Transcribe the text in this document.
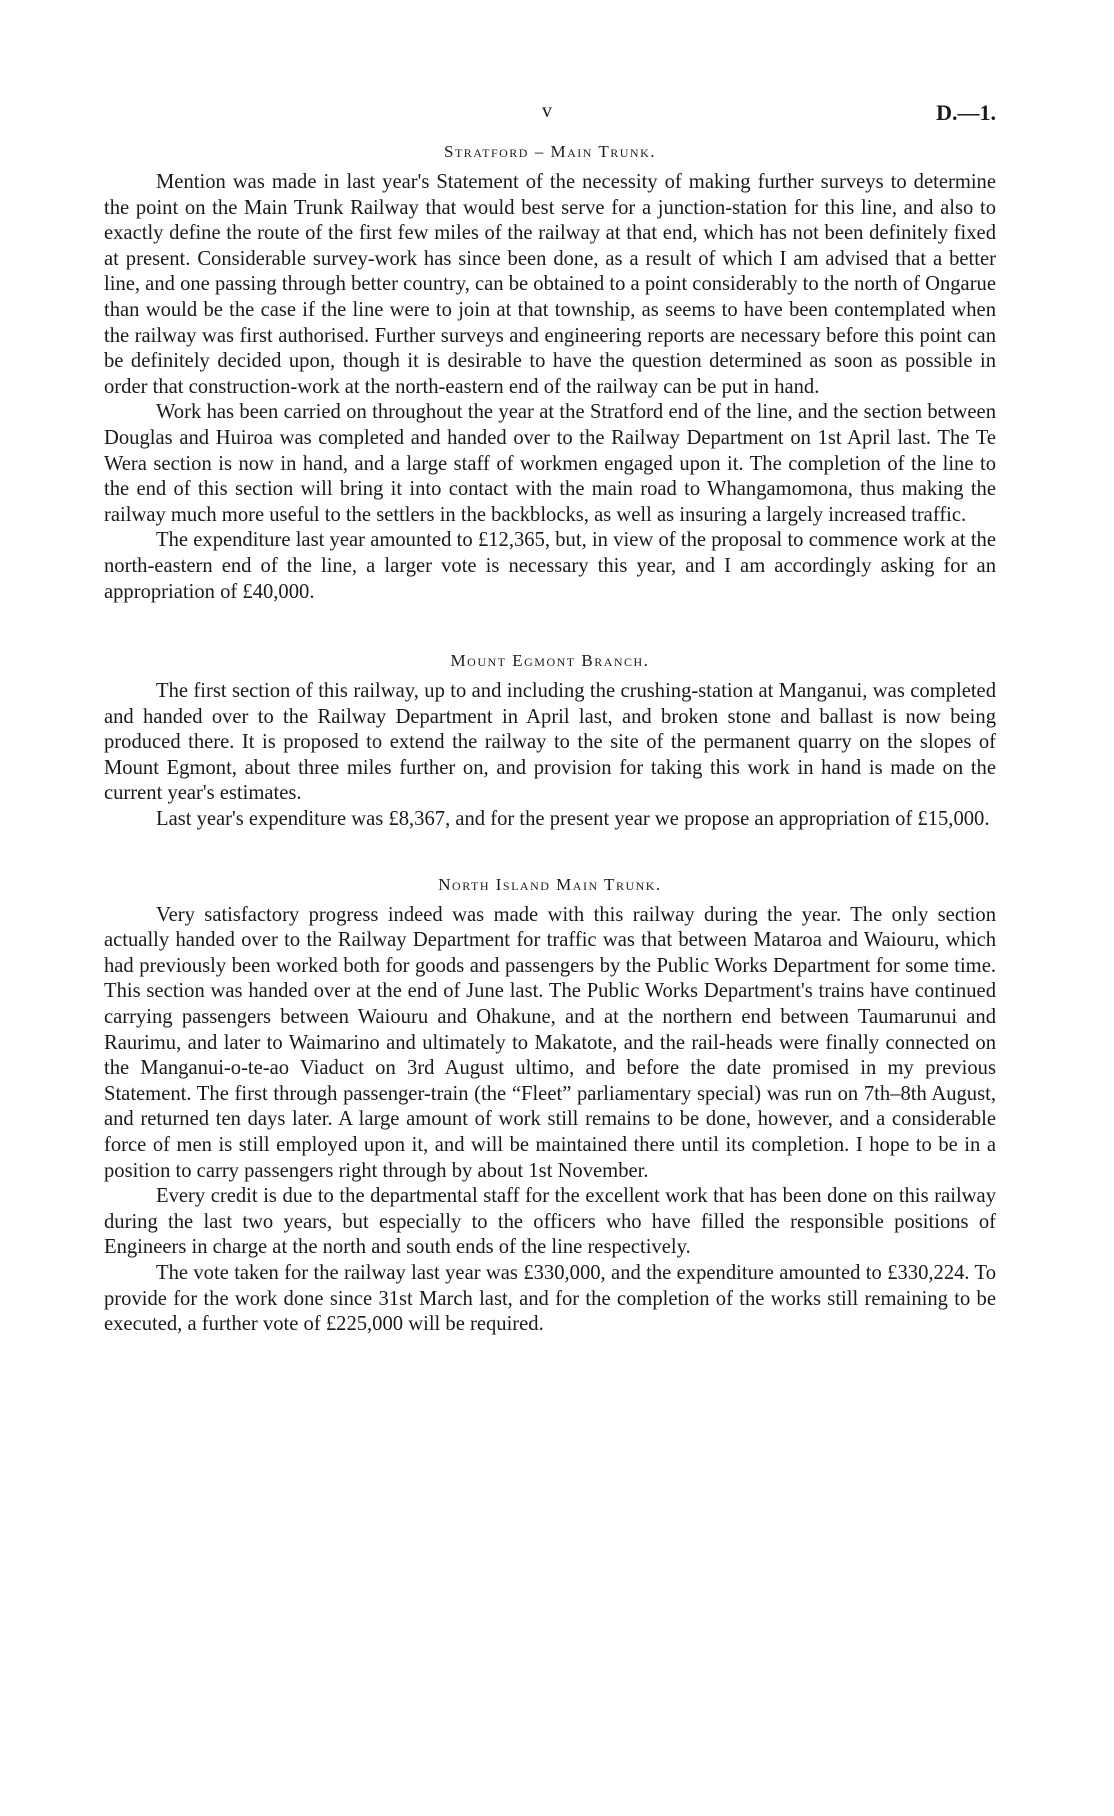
v	D.—1.
Stratford – Main Trunk.

Mention was made in last year's Statement of the necessity of making further surveys to determine the point on the Main Trunk Railway that would best serve for a junction-station for this line, and also to exactly define the route of the first few miles of the railway at that end, which has not been definitely fixed at present. Considerable survey-work has since been done, as a result of which I am advised that a better line, and one passing through better country, can be obtained to a point considerably to the north of Ongarue than would be the case if the line were to join at that township, as seems to have been contemplated when the railway was first authorised. Further surveys and engineering reports are necessary before this point can be definitely decided upon, though it is desirable to have the question determined as soon as possible in order that construction-work at the north-eastern end of the railway can be put in hand.

Work has been carried on throughout the year at the Stratford end of the line, and the section between Douglas and Huiroa was completed and handed over to the Railway Department on 1st April last. The Te Wera section is now in hand, and a large staff of workmen engaged upon it. The completion of the line to the end of this section will bring it into contact with the main road to Whangamomona, thus making the railway much more useful to the settlers in the backblocks, as well as insuring a largely increased traffic.

The expenditure last year amounted to £12,365, but, in view of the proposal to commence work at the north-eastern end of the line, a larger vote is necessary this year, and I am accordingly asking for an appropriation of £40,000.

Mount Egmont Branch.

The first section of this railway, up to and including the crushing-station at Manganui, was completed and handed over to the Railway Department in April last, and broken stone and ballast is now being produced there. It is proposed to extend the railway to the site of the permanent quarry on the slopes of Mount Egmont, about three miles further on, and provision for taking this work in hand is made on the current year's estimates.

Last year's expenditure was £8,367, and for the present year we propose an appropriation of £15,000.

North Island Main Trunk.

Very satisfactory progress indeed was made with this railway during the year. The only section actually handed over to the Railway Department for traffic was that between Mataroa and Waiouru, which had previously been worked both for goods and passengers by the Public Works Department for some time. This section was handed over at the end of June last. The Public Works Department's trains have continued carrying passengers between Waiouru and Ohakune, and at the northern end between Taumarunui and Raurimu, and later to Waimarino and ultimately to Makatote, and the rail-heads were finally connected on the Manganui-o-te-ao Viaduct on 3rd August ultimo, and before the date promised in my previous Statement. The first through passenger-train (the “Fleet” parliamentary special) was run on 7th–8th August, and returned ten days later. A large amount of work still remains to be done, however, and a considerable force of men is still employed upon it, and will be maintained there until its completion. I hope to be in a position to carry passengers right through by about 1st November.

Every credit is due to the departmental staff for the excellent work that has been done on this railway during the last two years, but especially to the officers who have filled the responsible positions of Engineers in charge at the north and south ends of the line respectively.

The vote taken for the railway last year was £330,000, and the expenditure amounted to £330,224. To provide for the work done since 31st March last, and for the completion of the works still remaining to be executed, a further vote of £225,000 will be required.
